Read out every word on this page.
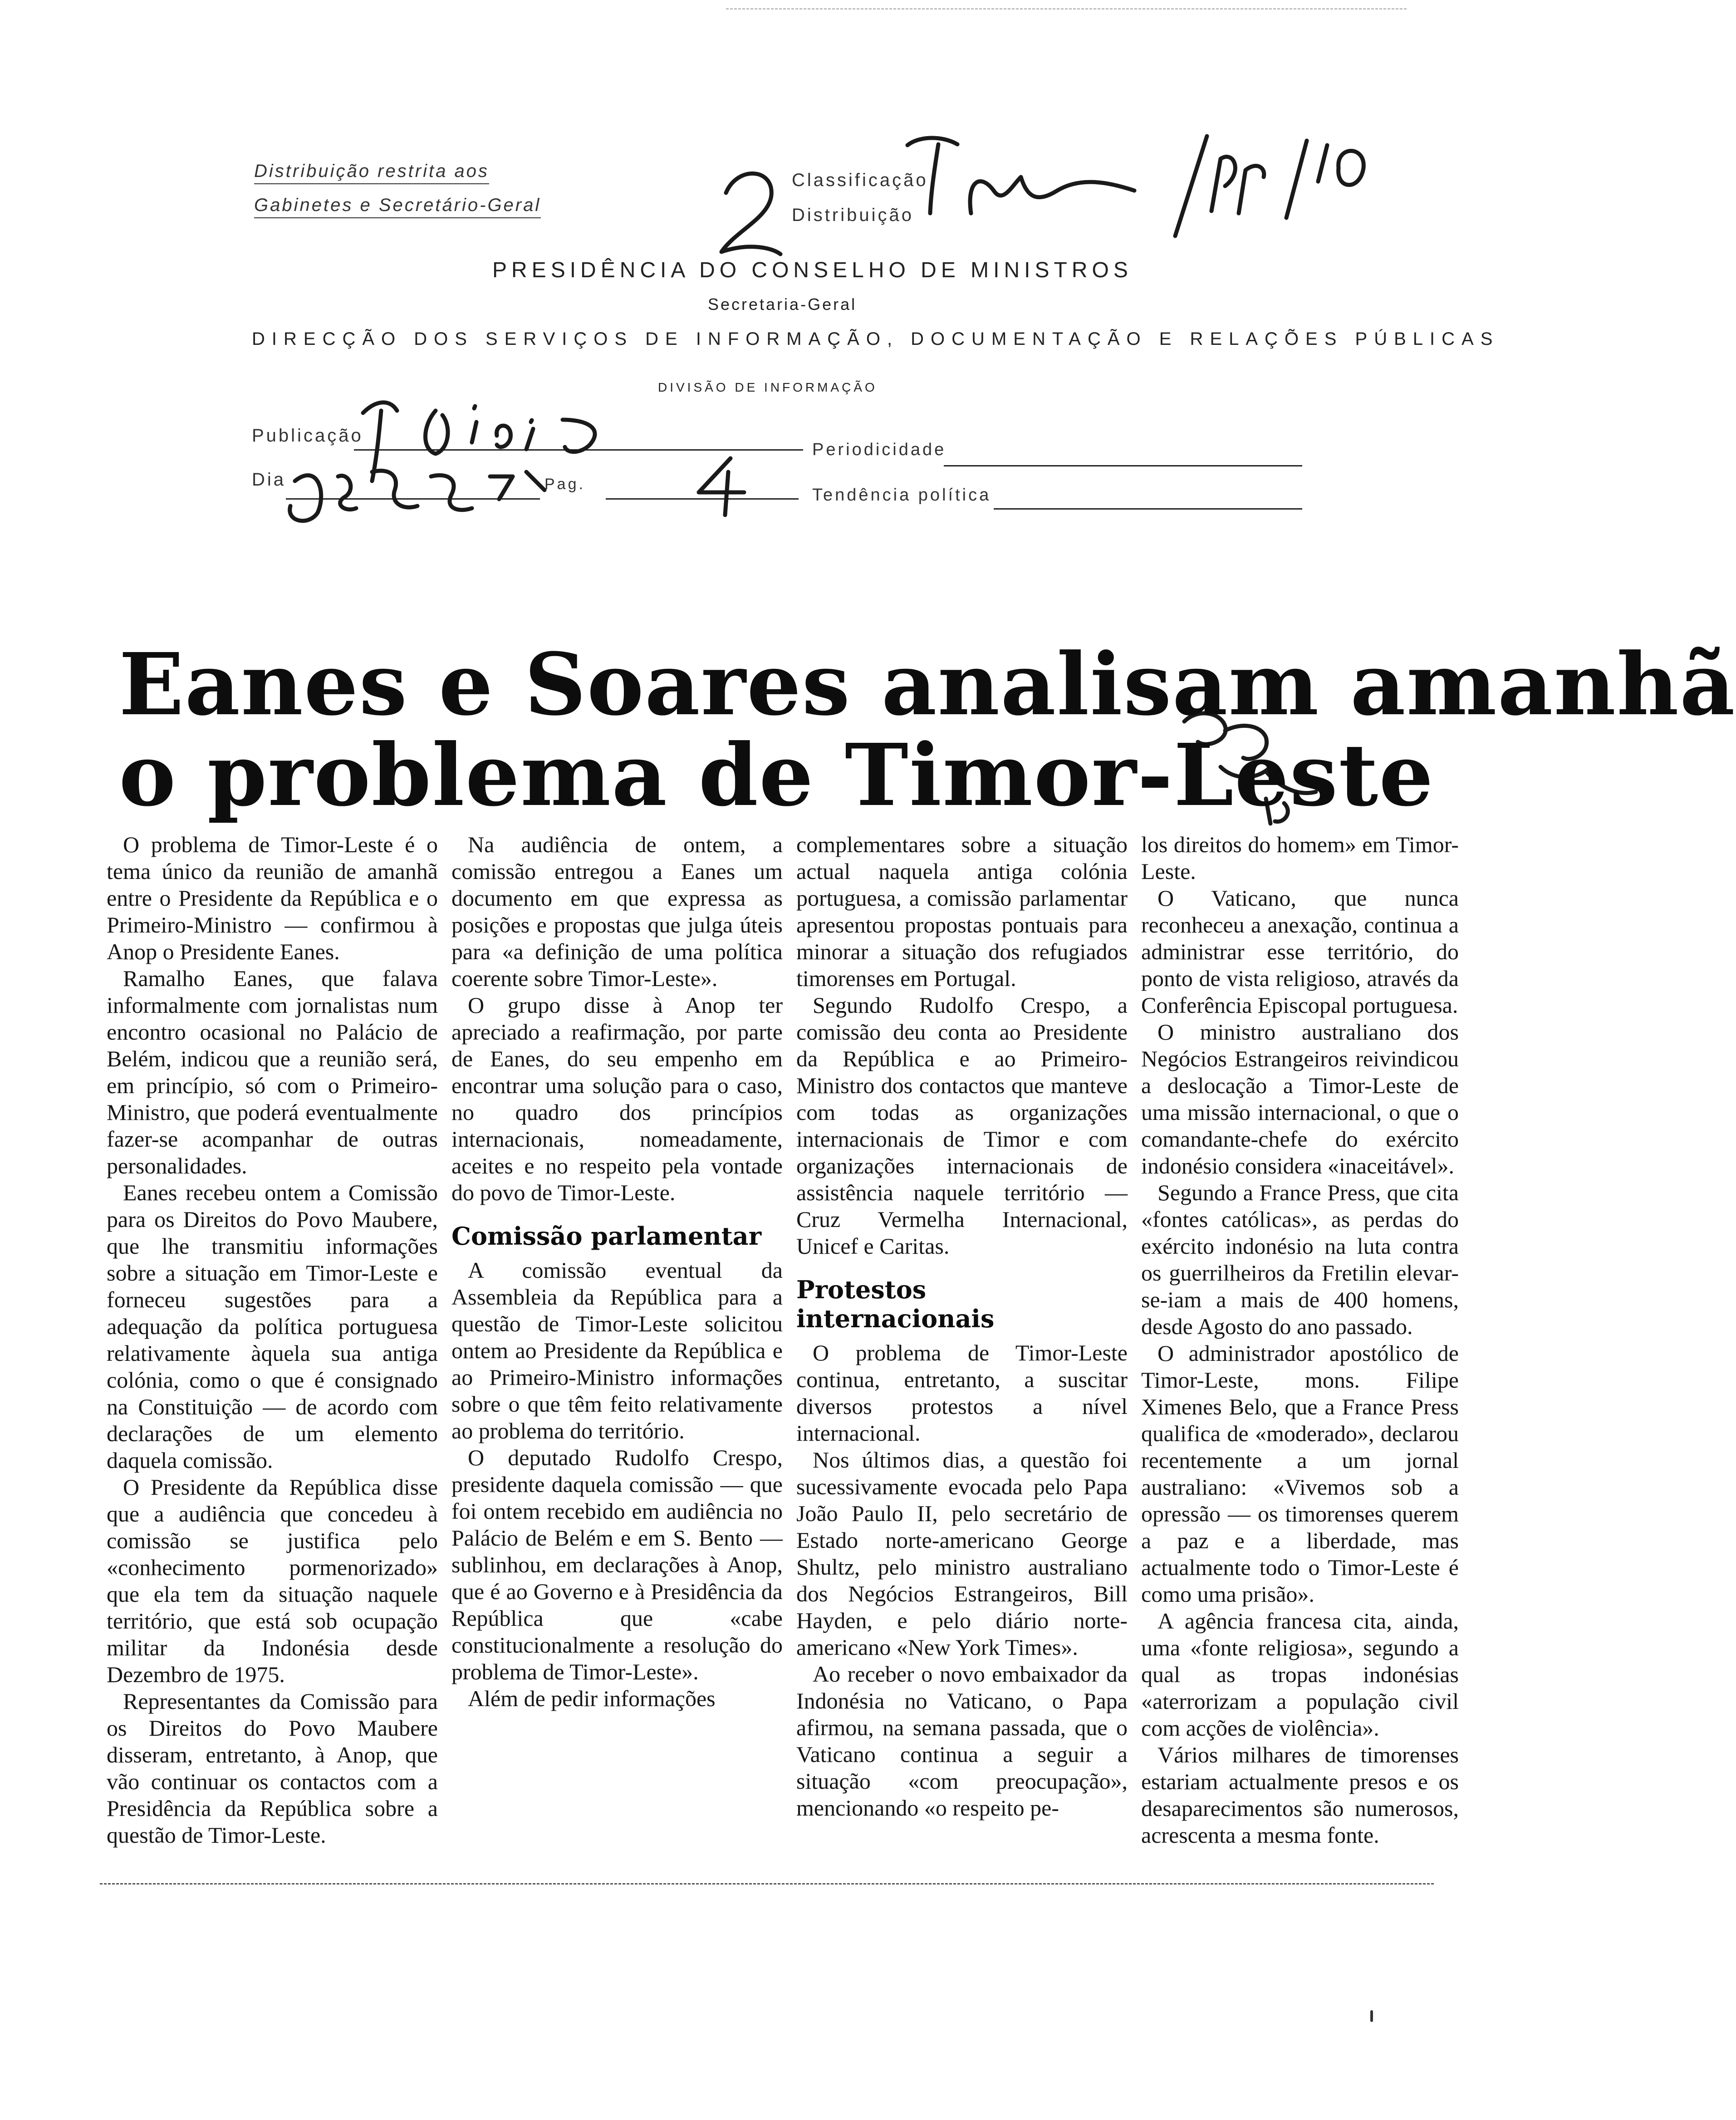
Distribuição restrita aos
Gabinetes e Secretário-Geral
Classificação
Distribuição
PRESIDÊNCIA DO CONSELHO DE MINISTROS
Secretaria-Geral
DIRECÇÃO DOS SERVIÇOS DE INFORMAÇÃO, DOCUMENTAÇÃO E RELAÇÕES PÚBLICAS
DIVISÃO DE INFORMAÇÃO
Publicação
Dia	Pag.
Periodicidade
Tendência política
Eanes e Soares analisam amanhã
o problema de Timor-Leste

O problema de Timor-Leste é o tema único da reunião de amanhã entre o Presidente da República e o Primeiro-Ministro — confirmou à Anop o Presidente Eanes.

Ramalho Eanes, que falava informalmente com jornalistas num encontro ocasional no Palácio de Belém, indicou que a reunião será, em princípio, só com o Primeiro-Ministro, que poderá eventualmente fazer-se acompanhar de outras personalidades.

Eanes recebeu ontem a Comissão para os Direitos do Povo Maubere, que lhe transmitiu informações sobre a situação em Timor-Leste e forneceu sugestões para a adequação da política portuguesa relativamente àquela sua antiga colónia, como o que é consignado na Constituição — de acordo com declarações de um elemento daquela comissão.

O Presidente da República disse que a audiência que concedeu à comissão se justifica pelo «conhecimento pormenorizado» que ela tem da situação naquele território, que está sob ocupação militar da Indonésia desde Dezembro de 1975.

Representantes da Comissão para os Direitos do Povo Maubere disseram, entretanto, à Anop, que vão continuar os contactos com a Presidência da República sobre a questão de Timor-Leste.

Na audiência de ontem, a comissão entregou a Eanes um documento em que expressa as posições e propostas que julga úteis para «a definição de uma política coerente sobre Timor-Leste».

O grupo disse à Anop ter apreciado a reafirmação, por parte de Eanes, do seu empenho em encontrar uma solução para o caso, no quadro dos princípios internacionais, nomeadamente, aceites e no respeito pela vontade do povo de Timor-Leste.

Comissão parlamentar

A comissão eventual da Assembleia da República para a questão de Timor-Leste solicitou ontem ao Presidente da República e ao Primeiro-Ministro informações sobre o que têm feito relativamente ao problema do território.

O deputado Rudolfo Crespo, presidente daquela comissão — que foi ontem recebido em audiência no Palácio de Belém e em S. Bento — sublinhou, em declarações à Anop, que é ao Governo e à Presidência da República que «cabe constitucionalmente a resolução do problema de Timor-Leste».

Além de pedir informações

complementares sobre a situação actual naquela antiga colónia portuguesa, a comissão parlamentar apresentou propostas pontuais para minorar a situação dos refugiados timorenses em Portugal.

Segundo Rudolfo Crespo, a comissão deu conta ao Presidente da República e ao Primeiro-Ministro dos contactos que manteve com todas as organizações internacionais de Timor e com organizações internacionais de assistência naquele território — Cruz Vermelha Internacional, Unicef e Caritas.

Protestos internacionais

O problema de Timor-Leste continua, entretanto, a suscitar diversos protestos a nível internacional.

Nos últimos dias, a questão foi sucessivamente evocada pelo Papa João Paulo II, pelo secretário de Estado norte-americano George Shultz, pelo ministro australiano dos Negócios Estrangeiros, Bill Hayden, e pelo diário norte-americano «New York Times».

Ao receber o novo embaixador da Indonésia no Vaticano, o Papa afirmou, na semana passada, que o Vaticano continua a seguir a situação «com preocupação», mencionando «o respeito pe-

los direitos do homem» em Timor-Leste.

O Vaticano, que nunca reconheceu a anexação, continua a administrar esse território, do ponto de vista religioso, através da Conferência Episcopal portuguesa.

O ministro australiano dos Negócios Estrangeiros reivindicou a deslocação a Timor-Leste de uma missão internacional, o que o comandante-chefe do exército indonésio considera «inaceitável».

Segundo a France Press, que cita «fontes católicas», as perdas do exército indonésio na luta contra os guerrilheiros da Fretilin elevar-se-iam a mais de 400 homens, desde Agosto do ano passado.

O administrador apostólico de Timor-Leste, mons. Filipe Ximenes Belo, que a France Press qualifica de «moderado», declarou recentemente a um jornal australiano: «Vivemos sob a opressão — os timorenses querem a paz e a liberdade, mas actualmente todo o Timor-Leste é como uma prisão».

A agência francesa cita, ainda, uma «fonte religiosa», segundo a qual as tropas indonésias «aterrorizam a população civil com acções de violência».

Vários milhares de timorenses estariam actualmente presos e os desaparecimentos são numerosos, acrescenta a mesma fonte.
